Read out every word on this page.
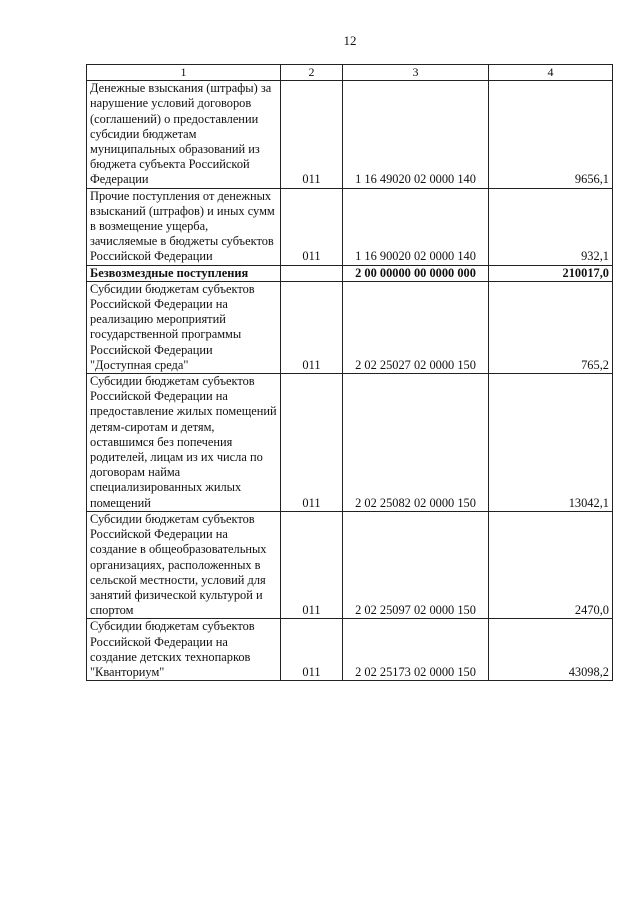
12
1	2	3	4
Денежные взыскания (штрафы) за нарушение условий договоров (соглашений) о предоставлении субсидии бюджетам муниципальных образований из бюджета субъекта Российской Федерации	011	1 16 49020 02 0000 140	9656,1
Прочие поступления от денежных взысканий (штрафов) и иных сумм в возмещение ущерба, зачисляемые в бюджеты субъектов Российской Федерации	011	1 16 90020 02 0000 140	932,1
Безвозмездные поступления		2 00 00000 00 0000 000	210017,0
Субсидии бюджетам субъектов Российской Федерации на реализацию мероприятий государственной программы Российской Федерации "Доступная среда"	011	2 02 25027 02 0000 150	765,2
Субсидии бюджетам субъектов Российской Федерации на предоставление жилых помещений детям-сиротам и детям, оставшимся без попечения родителей, лицам из их числа по договорам найма специализированных жилых помещений	011	2 02 25082 02 0000 150	13042,1
Субсидии бюджетам субъектов Российской Федерации на создание в общеобразовательных организациях, расположенных в сельской местности, условий для занятий физической культурой и спортом	011	2 02 25097 02 0000 150	2470,0
Субсидии бюджетам субъектов Российской Федерации на создание детских технопарков "Кванториум"	011	2 02 25173 02 0000 150	43098,2
